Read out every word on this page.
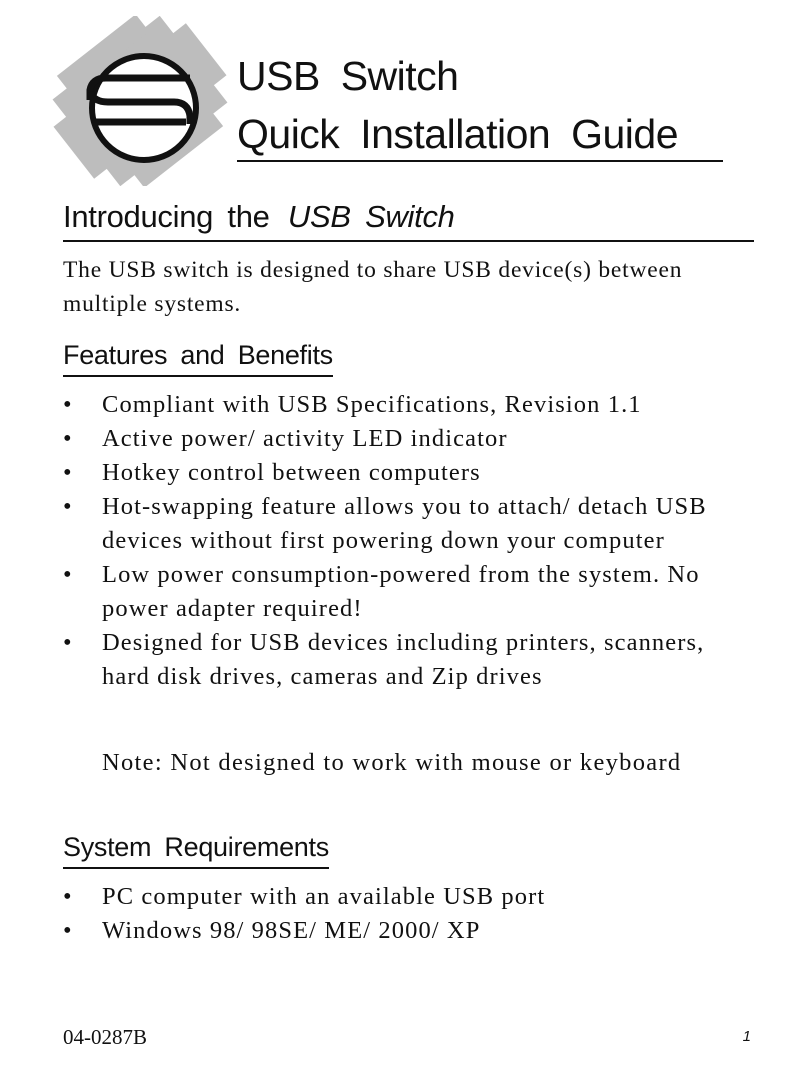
USB Switch
Quick Installation Guide
Introducing the USB Switch

The USB switch is designed to share USB device(s) between multiple systems.

Features and Benefits
•	Compliant with USB Specifications, Revision 1.1
•	Active power/ activity LED indicator
•	Hotkey control between computers
•	Hot-swapping feature allows you to attach/ detach USB devices without first powering down your computer
•	Low power consumption-powered from the system. No power adapter required!
•	Designed for USB devices including printers, scanners, hard disk drives, cameras and Zip drives

Note: Not designed to work with mouse or keyboard

System Requirements
•	PC computer with an available USB port
•	Windows 98/ 98SE/ ME/ 2000/ XP
04-0287B	1
